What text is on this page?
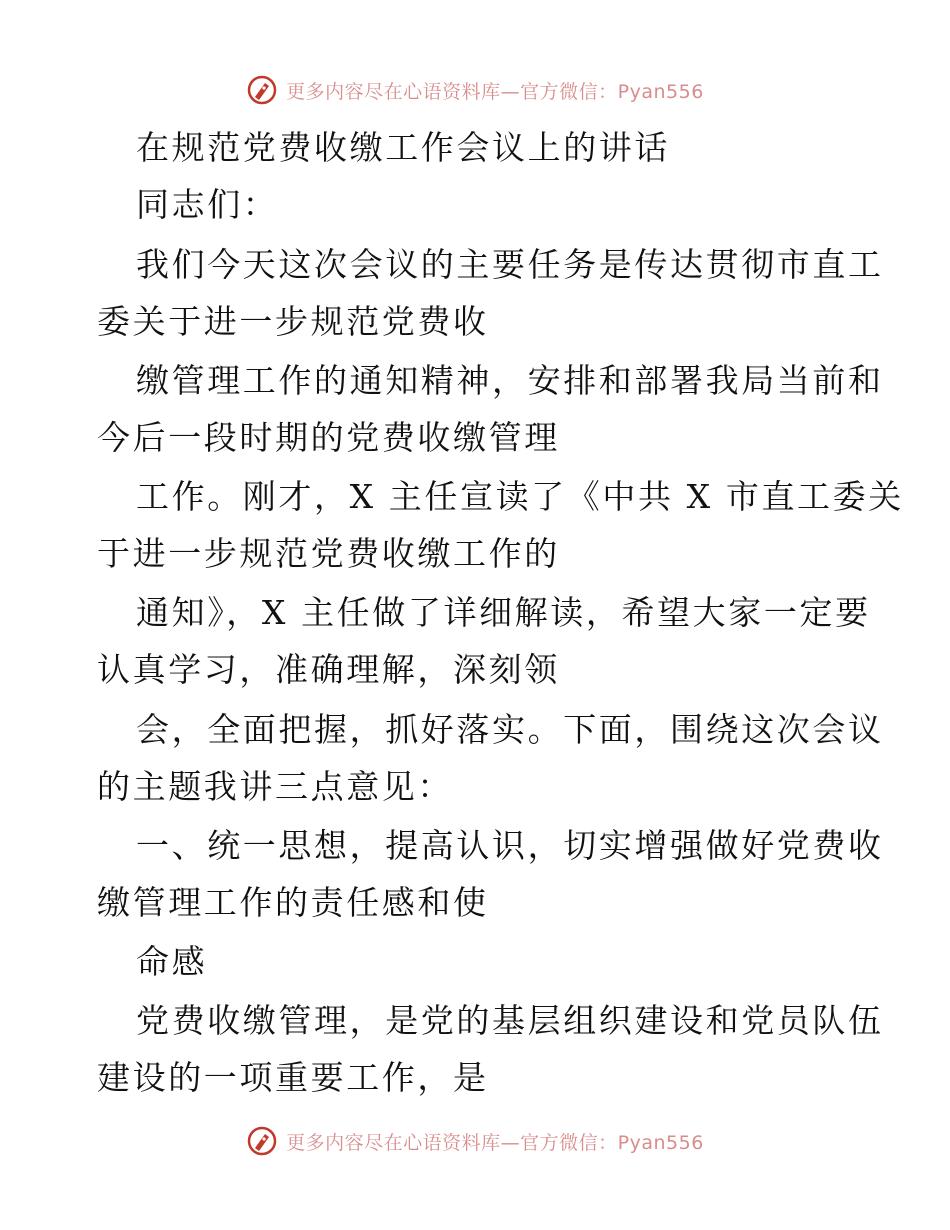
更多内容尽在心语资料库—官方微信：Pyan556
在规范党费收缴工作会议上的讲话
同志们：
我们今天这次会议的主要任务是传达贯彻市直工
委关于进一步规范党费收
缴管理工作的通知精神，安排和部署我局当前和
今后一段时期的党费收缴管理
工作。刚才，X 主任宣读了《中共 X 市直工委关
于进一步规范党费收缴工作的
通知》，X 主任做了详细解读，希望大家一定要
认真学习，准确理解，深刻领
会，全面把握，抓好落实。下面，围绕这次会议
的主题我讲三点意见：
一、统一思想，提高认识，切实增强做好党费收
缴管理工作的责任感和使
命感
党费收缴管理，是党的基层组织建设和党员队伍
建设的一项重要工作，是
更多内容尽在心语资料库—官方微信：Pyan556
